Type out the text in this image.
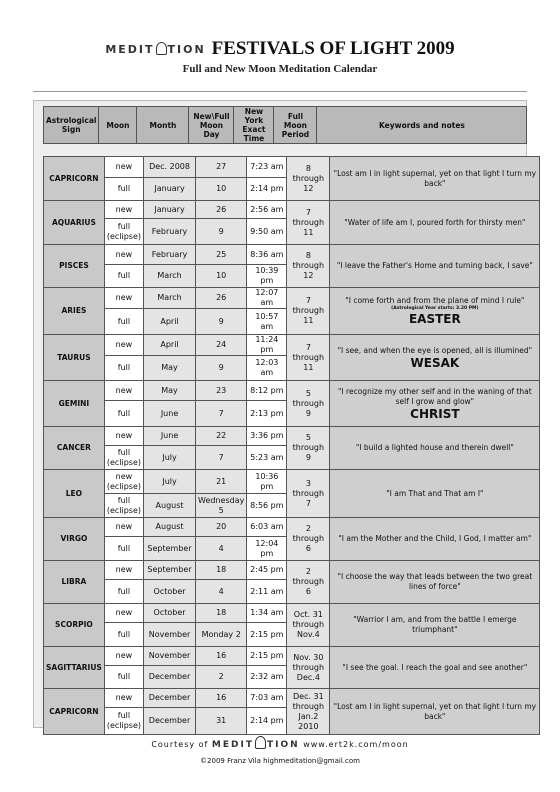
MEDIT TION FESTIVALS OF LIGHT 2009
Full and New Moon Meditation Calendar
Astrological Sign	Moon	Month	New\Full Moon Day	New York Exact Time	Full Moon Period	Keywords and notes
CAPRICORN	new	Dec. 2008	27	7:23 am	8 through 12	"Lost am I in light supernal, yet on that light I turn my back"
	full	January	10	2:14 pm		
AQUARIUS	new	January	26	2:56 am	7 through 11	"Water of life am I, poured forth for thirsty men"
	full (eclipse)	February	9	9:50 am		
PISCES	new	February	25	8:36 am	8 through 12	"I leave the Father's Home and turning back, I save"
	full	March	10	10:39 pm		
ARIES	new	March	26	12:07 am	7 through 11	"I come forth and from the plane of mind I rule"
(Astrological Year starts: 3.20 PM)
EASTER

	full	April	9	10:57 am		
TAURUS	new	April	24	11:24 pm	7 through 11	"I see, and when the eye is opened, all is illumined"
WESAK

	full	May	9	12:03 am		
GEMINI	new	May	23	8:12 pm	5 through 9	"I recognize my other self and in the waning of that self I grow and glow"
CHRIST

	full	June	7	2:13 pm		
CANCER	new	June	22	3:36 pm	5 through 9	"I build a lighted house and therein dwell"
	full (eclipse)	July	7	5:23 am		
LEO	new (eclipse)	July	21	10:36 pm	3 through 7	"I am That and That am I"
	full (eclipse)	August	Wednesday 5	8:56 pm		
VIRGO	new	August	20	6:03 am	2 through 6	"I am the Mother and the Child, I God, I matter am"
	full	September	4	12:04 pm		
LIBRA	new	September	18	2:45 pm	2 through 6	"I choose the way that leads between the two great lines of force"
	full	October	4	2:11 am		
SCORPIO	new	October	18	1:34 am	Oct. 31 through Nov.4	"Warrior I am, and from the battle I emerge triumphant"
	full	November	Monday 2	2:15 pm		
SAGITTARIUS	new	November	16	2:15 pm	Nov. 30 through Dec.4	"I see the goal. I reach the goal and see another"
	full	December	2	2:32 am		
CAPRICORN	new	December	16	7:03 am	Dec. 31 through Jan.2 2010	"Lost am I in light supernal, yet on that light I turn my back"
	full (eclipse)	December	31	2:14 pm		
Courtesy of MEDIT TION www.ert2k.com/moon
©2009 Franz Vila highmeditation@gmail.com
